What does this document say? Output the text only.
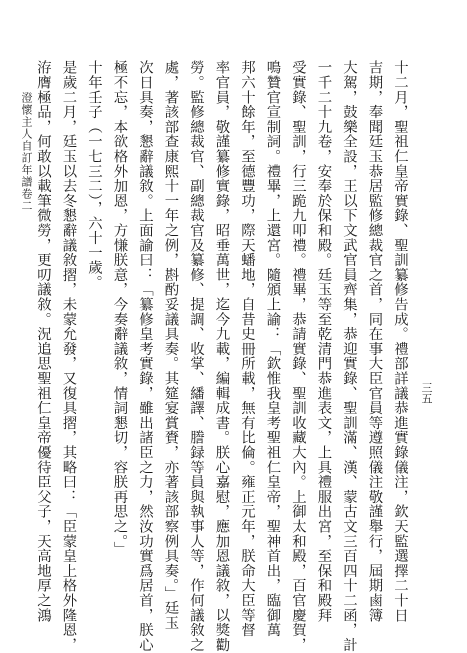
澄懷主人自訂年譜卷二
三五

十二月，聖祖仁皇帝實錄、聖訓纂修告成。禮部詳議恭進實錄儀注，欽天監選擇二十日

吉期，奉聞廷玉恭居監修總裁官之首，同在事大臣官員等遵照儀注敬謹舉行，屆期鹵簿

大駕，鼓樂全設，王以下文武官員齊集，恭迎實錄、聖訓滿、漢、蒙古文三百四十二函，計

一千二十九卷，安奉於保和殿。廷玉等至乾清門恭進表文，上具禮服出宮，至保和殿拜

受實錄、聖訓，行三跪九叩禮。禮畢，恭請實錄、聖訓收藏大內。上御太和殿，百官慶賀，

鳴贊官宣制詞。禮畢，上還宮。隨頒上諭：「欽惟我皇考聖祖仁皇帝，聖神首出，臨御萬

邦六十餘年，至德豐功，際天蟠地，自昔史冊所載，無有比倫。雍正元年，朕命大臣等督

率官員，敬謹纂修實錄，昭垂萬世，迄今九載，編輯成書。朕心嘉慰，應加恩議敘，以獎勸

勞。監修總裁官、副總裁官及纂修、提調、收掌、繙譯、謄録等員與執事人等，作何議敘之

處，著該部查康熙十一年之例，斟酌妥議具奏。其筵宴賞賚，亦著該部察例具奏。」廷玉

次日具奏，懇辭議敘。上面諭曰：「纂修皇考實錄，雖出諸臣之力，然汝功實爲居首，朕心

極不忘，本欲格外加恩，方慊朕意，今奏辭議敘，情詞懇切，容朕再思之。」

十年壬子（一七三二），六十一歲。

是歲二月，廷玉以去冬懇辭議敘摺，未蒙允發，又復具摺，其略曰：「臣蒙皇上格外隆恩，

洊膺極品，何敢以載筆微勞，更叨議敘。況追思聖祖仁皇帝優待臣父子，天高地厚之鴻
